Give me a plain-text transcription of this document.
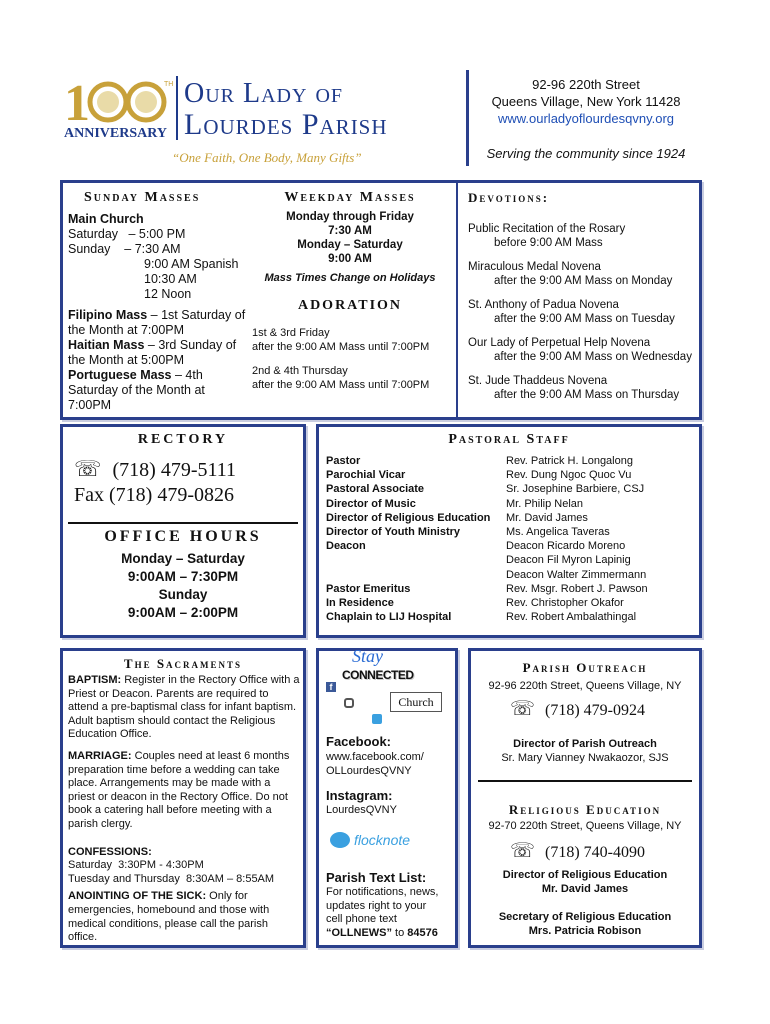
1	TH
ANNIVERSARY
Our Lady of
Lourdes Parish
“One Faith, One Body, Many Gifts”
92-96 220th Street
Queens Village, New York 11428
www.ourladyoflourdesqvny.org
Serving the community since 1924
Sunday Masses
Main Church
Saturday   – 5:00 PM
Sunday    – 7:30 AM
9:00 AM Spanish
10:30 AM
12 Noon
Filipino Mass – 1st Saturday of the Month at 7:00PM
Haitian Mass – 3rd Sunday of the Month at 5:00PM
Portuguese Mass – 4th Saturday of the Month at 7:00PM
Weekday Masses
Monday through Friday
7:30 AM
Monday – Saturday
9:00 AM
Mass Times Change on Holidays
ADORATION
1st & 3rd Friday
after the 9:00 AM Mass until 7:00PM
2nd & 4th Thursday
after the 9:00 AM Mass until 7:00PM
Devotions:
Public Recitation of the Rosary
before 9:00 AM Mass
Miraculous Medal Novena
after the 9:00 AM Mass on Monday
St. Anthony of Padua Novena
after the 9:00 AM Mass on Tuesday
Our Lady of Perpetual Help Novena
after the 9:00 AM Mass on Wednesday
St. Jude Thaddeus Novena
after the 9:00 AM Mass on Thursday
RECTORY
☏ (718) 479-5111
Fax (718) 479-0826
OFFICE HOURS
Monday – Saturday
9:00AM – 7:30PM
Sunday
9:00AM – 2:00PM
Pastoral Staff
Pastor
Parochial Vicar
Pastoral Associate
Director of Music
Director of Religious Education
Director of Youth Ministry
Deacon
Pastor Emeritus
In Residence
Chaplain to LIJ Hospital
Rev. Patrick H. Longalong
Rev. Dung Ngoc Quoc Vu
Sr. Josephine Barbiere, CSJ
Mr. Philip Nelan
Mr. David James
Ms. Angelica Taveras
Deacon Ricardo Moreno
Deacon Fil Myron Lapinig
Deacon Walter Zimmermann
Rev. Msgr. Robert J. Pawson
Rev. Christopher Okafor
Rev. Robert Ambalathingal
The Sacraments
BAPTISM: Register in the Rectory Office with a Priest or Deacon. Parents are required to attend a pre-baptismal class for infant baptism. Adult baptism should contact the Religious Education Office.
MARRIAGE: Couples need at least 6 months preparation time before a wedding can take place. Arrangements may be made with a priest or deacon in the Rectory Office. Do not book a catering hall before meeting with a parish clergy.
CONFESSIONS:
Saturday  3:30PM - 4:30PM
Tuesday and Thursday  8:30AM – 8:55AM
ANOINTING OF THE SICK: Only for emergencies, homebound and those with medical conditions, please call the parish office.
Stay
CONNECTED
f
Church
Facebook:
www.facebook.com/
OLLourdesQVNY
Instagram:
LourdesQVNY
flocknote
Parish Text List:
For notifications, news,
updates right to your
cell phone text
“OLLNEWS” to 84576
Parish Outreach
92-96 220th Street, Queens Village, NY
☏ (718) 479-0924
Director of Parish Outreach
Sr. Mary Vianney Nwakaozor, SJS
Religious Education
92-70 220th Street, Queens Village, NY
☏ (718) 740-4090
Director of Religious Education
Mr. David James
Secretary of Religious Education
Mrs. Patricia Robison
